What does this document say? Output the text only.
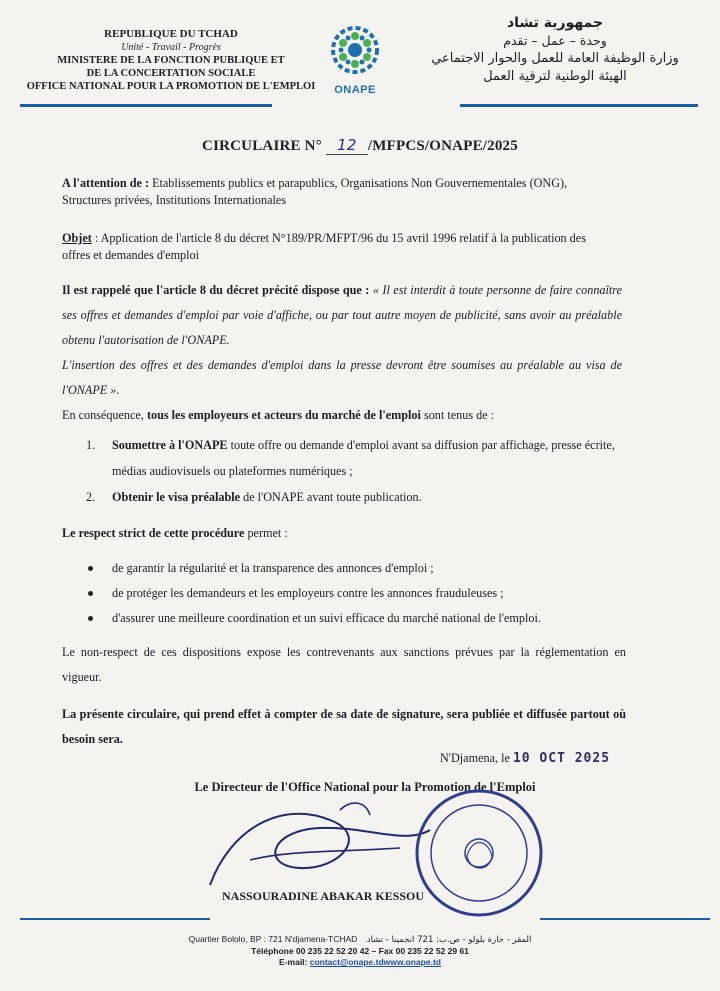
REPUBLIQUE DU TCHAD
Unité - Travail - Progrès
MINISTERE DE LA FONCTION PUBLIQUE ET
DE LA CONCERTATION SOCIALE
OFFICE NATIONAL POUR LA PROMOTION DE L'EMPLOI	ONAPE
جمهورية تشاد
وحدة – عمل – تقدم
وزارة الوظيفة العامة للعمل والحوار الاجتماعي
الهيئة الوطنية لترقية العمل
CIRCULAIRE N° 12 /MFPCS/ONAPE/2025
A l'attention de : Etablissements publics et parapublics, Organisations Non Gouvernementales (ONG), Structures privées, Institutions Internationales
Objet : Application de l'article 8 du décret N°189/PR/MFPT/96 du 15 avril 1996 relatif à la publication des offres et demandes d'emploi
Il est rappelé que l'article 8 du décret précité dispose que : « Il est interdit à toute personne de faire connaître ses offres et demandes d'emploi par voie d'affiche, ou par tout autre moyen de publicité, sans avoir au préalable obtenu l'autorisation de l'ONAPE.
L'insertion des offres et des demandes d'emploi dans la presse devront être soumises au préalable au visa de l'ONAPE ».
En conséquence, tous les employeurs et acteurs du marché de l'emploi sont tenus de :
1. Soumettre à l'ONAPE toute offre ou demande d'emploi avant sa diffusion par affichage, presse écrite, médias audiovisuels ou plateformes numériques ;
2. Obtenir le visa préalable de l'ONAPE avant toute publication.
Le respect strict de cette procédure permet :
de garantir la régularité et la transparence des annonces d'emploi ;
de protéger les demandeurs et les employeurs contre les annonces frauduleuses ;
d'assurer une meilleure coordination et un suivi efficace du marché national de l'emploi.
Le non-respect de ces dispositions expose les contrevenants aux sanctions prévues par la réglementation en vigueur.
La présente circulaire, qui prend effet à compter de sa date de signature, sera publiée et diffusée partout où besoin sera.
N'Djamena, le 10 OCT 2025
Le Directeur de l'Office National pour la Promotion de l'Emploi
NASSOURADINE ABAKAR KESSOU
Quartier Bololo, BP : 721 N'djamena-TCHAD المقر - حارة بلولو - ص.ب: 721 انجمينا - تشاد
Téléphone 00 235 22 52 20 42 – Fax 00 235 22 52 29 61
E-mail: contact@onape.tdwww.onape.td
